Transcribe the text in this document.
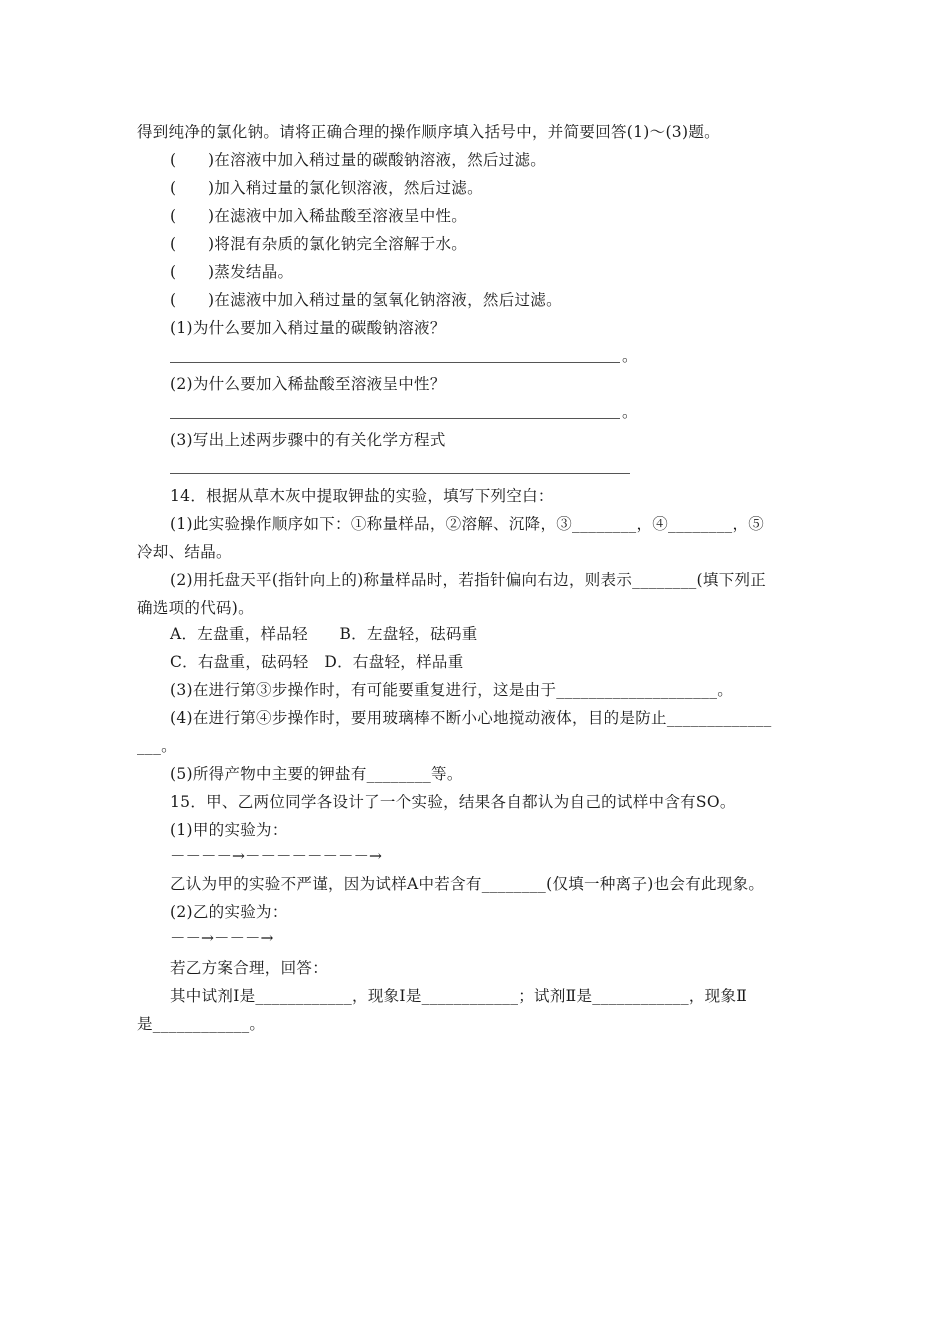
得到纯净的氯化钠。请将正确合理的操作顺序填入括号中，并简要回答(1)～(3)题。
(　　)在溶液中加入稍过量的碳酸钠溶液，然后过滤。
(　　)加入稍过量的氯化钡溶液，然后过滤。
(　　)在滤液中加入稀盐酸至溶液呈中性。
(　　)将混有杂质的氯化钠完全溶解于水。
(　　)蒸发结晶。
(　　)在滤液中加入稍过量的氢氧化钠溶液，然后过滤。
(1)为什么要加入稍过量的碳酸钠溶液？
。
(2)为什么要加入稀盐酸至溶液呈中性？
。
(3)写出上述两步骤中的有关化学方程式
14．根据从草木灰中提取钾盐的实验，填写下列空白：
(1)此实验操作顺序如下：①称量样品，②溶解、沉降，③________，④________，⑤
冷却、结晶。
(2)用托盘天平(指针向上的)称量样品时，若指针偏向右边，则表示________(填下列正
确选项的代码)。
A．左盘重，样品轻　　B．左盘轻，砝码重
C．右盘重，砝码轻　D．右盘轻，样品重
(3)在进行第③步操作时，有可能要重复进行，这是由于____________________。
(4)在进行第④步操作时，要用玻璃棒不断小心地搅动液体，目的是防止_____________
___。
(5)所得产物中主要的钾盐有________等。
15．甲、乙两位同学各设计了一个实验，结果各自都认为自己的试样中含有SO。
(1)甲的实验为：
－－－－→－－－－－－－－→
乙认为甲的实验不严谨，因为试样A中若含有________(仅填一种离子)也会有此现象。
(2)乙的实验为：
－－→－－－→
若乙方案合理，回答：
其中试剂Ⅰ是____________，现象Ⅰ是____________；试剂Ⅱ是____________，现象Ⅱ
是____________。
